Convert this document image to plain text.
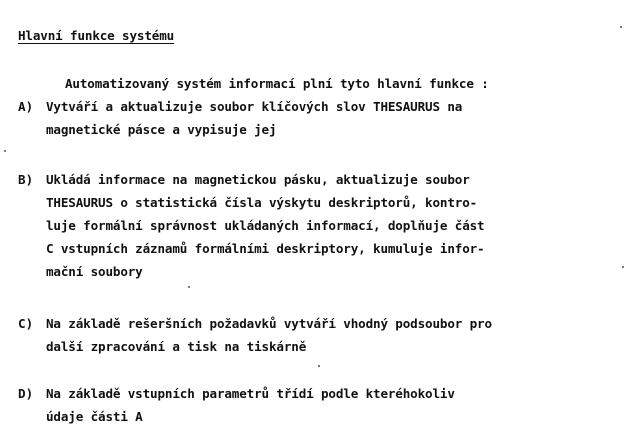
Hlavní funkce systému
Automatizovaný systém informací plní tyto hlavní funkce :
A) Vytváří a aktualizuje soubor klíčových slov THESAURUS na
magnetické pásce a vypisuje jej
B) Ukládá informace na magnetickou pásku, aktualizuje soubor
THESAURUS o statistická čísla výskytu deskriptorů, kontro-
luje formální správnost ukládaných informací, doplňuje část
C vstupních záznamů formálními deskriptory, kumuluje infor-
mační soubory
C) Na základě rešeršních požadavků vytváří vhodný podsoubor pro
další zpracování a tisk na tiskárně
D) Na základě vstupních parametrů třídí podle kteréhokoliv
údaje části A
